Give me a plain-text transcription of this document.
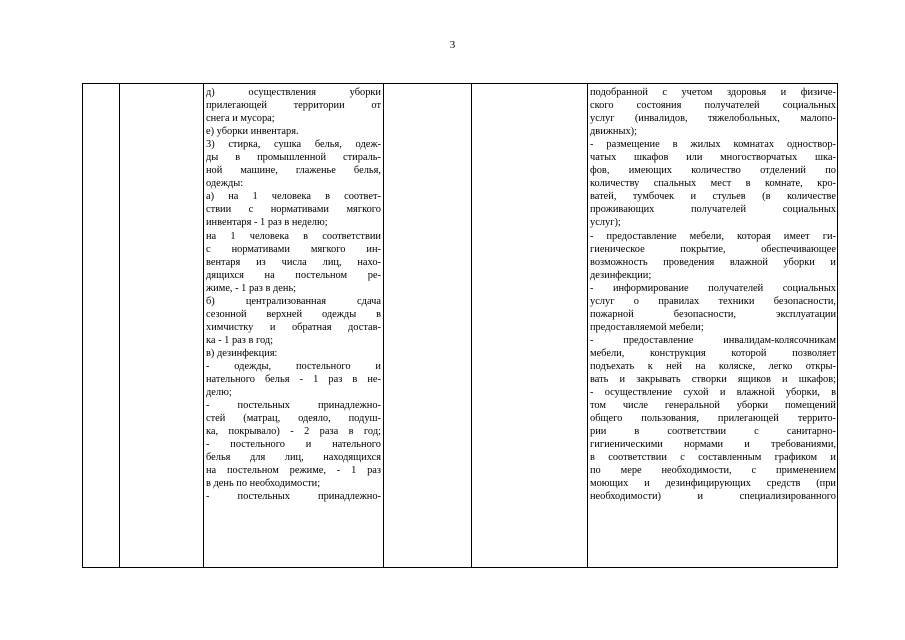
3
д) осуществления уборки
прилегающей территории от
снега и мусора;
е) уборки инвентаря.
3) стирка, сушка белья, одеж-
ды в промышленной стираль-
ной машине, глаженье белья,
одежды:
а) на 1 человека в соответ-
ствии с нормативами мягкого
инвентаря - 1 раз в неделю;
на 1 человека в соответствии
с нормативами мягкого ин-
вентаря из числа лиц, нахо-
дящихся на постельном ре-
жиме, - 1 раз в день;
б) централизованная сдача
сезонной верхней одежды в
химчистку и обратная достав-
ка - 1 раз в год;
в) дезинфекция:
- одежды, постельного и
нательного белья - 1 раз в не-
делю;
- постельных принадлежно-
стей (матрац, одеяло, подуш-
ка, покрывало) - 2 раза в год;
- постельного и нательного
белья для лиц, находящихся
на постельном режиме, - 1 раз
в день по необходимости;
- постельных принадлежно-
подобранной с учетом здоровья и физиче-
ского состояния получателей социальных
услуг (инвалидов, тяжелобольных, малопо-
движных);
- размещение в жилых комнатах одноствор-
чатых шкафов или многостворчатых шка-
фов, имеющих количество отделений по
количеству спальных мест в комнате, кро-
ватей, тумбочек и стульев (в количестве
проживающих получателей социальных
услуг);
- предоставление мебели, которая имеет ги-
гиеническое покрытие, обеспечивающее
возможность проведения влажной уборки и
дезинфекции;
- информирование получателей социальных
услуг о правилах техники безопасности,
пожарной безопасности, эксплуатации
предоставляемой мебели;
- предоставление инвалидам-колясочникам
мебели, конструкция которой позволяет
подъехать к ней на коляске, легко откры-
вать и закрывать створки ящиков и шкафов;
- осуществление сухой и влажной уборки, в
том числе генеральной уборки помещений
общего пользования, прилегающей террито-
рии в соответствии с санитарно-
гигиеническими нормами и требованиями,
в соответствии с составленным графиком и
по мере необходимости, с применением
моющих и дезинфицирующих средств (при
необходимости) и специализированного
